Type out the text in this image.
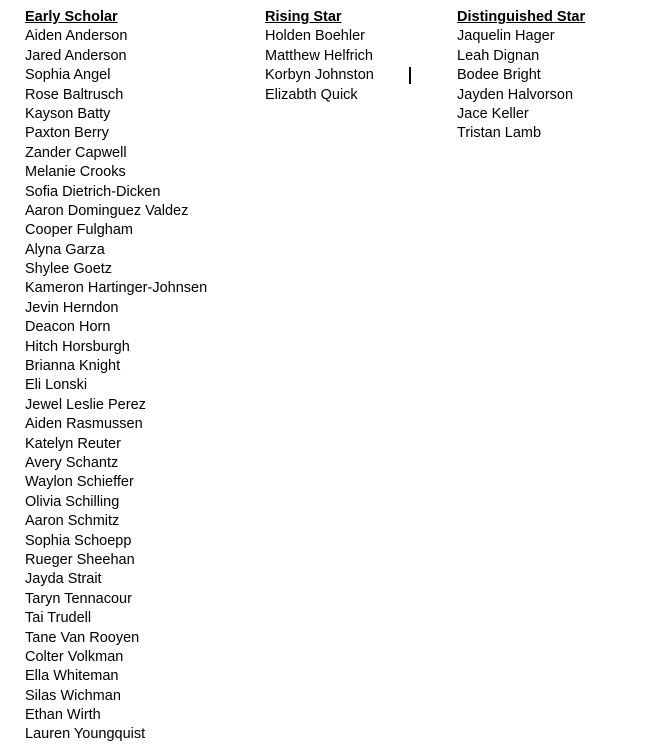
Early Scholar
Aiden Anderson
Jared Anderson
Sophia Angel
Rose Baltrusch
Kayson Batty
Paxton Berry
Zander Capwell
Melanie Crooks
Sofia Dietrich-Dicken
Aaron Dominguez Valdez
Cooper Fulgham
Alyna Garza
Shylee Goetz
Kameron Hartinger-Johnsen
Jevin Herndon
Deacon Horn
Hitch Horsburgh
Brianna Knight
Eli Lonski
Jewel Leslie Perez
Aiden Rasmussen
Katelyn Reuter
Avery Schantz
Waylon Schieffer
Olivia Schilling
Aaron Schmitz
Sophia Schoepp
Rueger Sheehan
Jayda Strait
Taryn Tennacour
Tai Trudell
Tane Van Rooyen
Colter Volkman
Ella Whiteman
Silas Wichman
Ethan Wirth
Lauren Youngquist
Rising Star
Holden Boehler
Matthew Helfrich
Korbyn Johnston
Elizabth Quick
Distinguished Star
Jaquelin Hager
Leah Dignan
Bodee Bright
Jayden Halvorson
Jace Keller
Tristan Lamb
